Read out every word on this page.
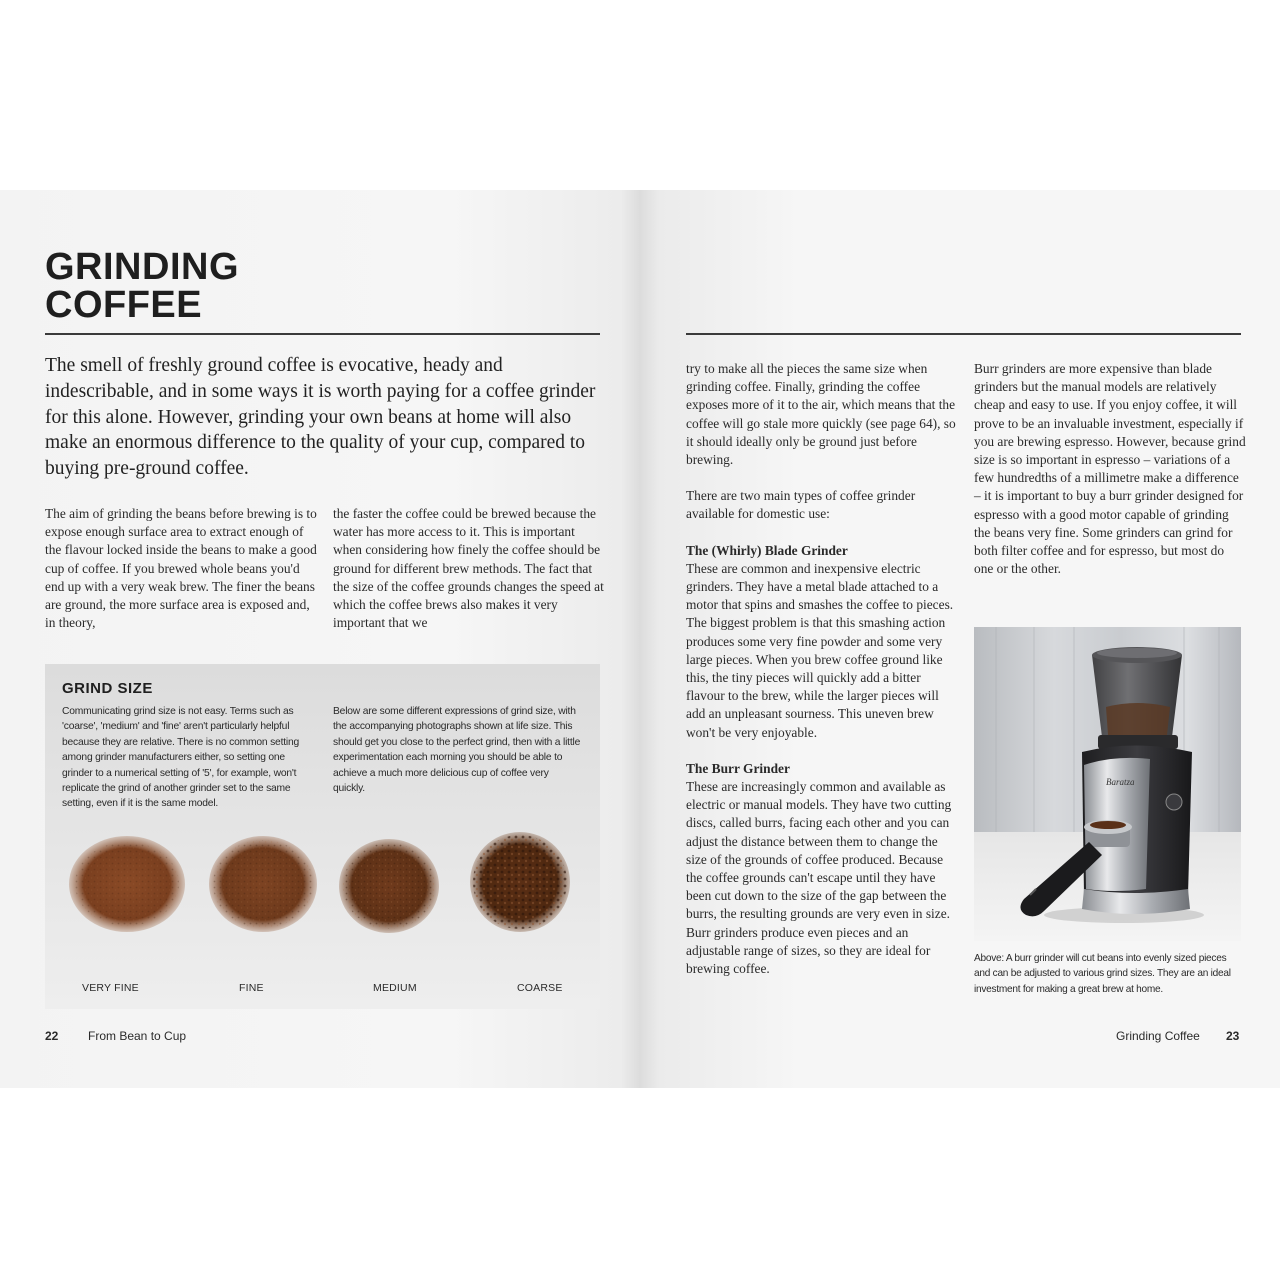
GRINDING
COFFEE

The smell of freshly ground coffee is evocative, heady and indescribable, and in some ways it is worth paying for a coffee grinder for this alone. However, grinding your own beans at home will also make an enormous difference to the quality of your cup, compared to buying pre-ground coffee.

The aim of grinding the beans before brewing is to expose enough surface area to extract enough of the flavour locked inside the beans to make a good cup of coffee. If you brewed whole beans you'd end up with a very weak brew. The finer the beans are ground, the more surface area is exposed and, in theory,

the faster the coffee could be brewed because the water has more access to it. This is important when considering how finely the coffee should be ground for different brew methods. The fact that the size of the coffee grounds changes the speed at which the coffee brews also makes it very important that we

GRIND SIZE

Communicating grind size is not easy. Terms such as 'coarse', 'medium' and 'fine' aren't particularly helpful because they are relative. There is no common setting among grinder manufacturers either, so setting one grinder to a numerical setting of '5', for example, won't replicate the grind of another grinder set to the same setting, even if it is the same model.

Below are some different expressions of grind size, with the accompanying photographs shown at life size. This should get you close to the perfect grind, then with a little experimentation each morning you should be able to achieve a much more delicious cup of coffee very quickly.

VERY FINE	FINE	MEDIUM	COARSE

22 From Bean to Cup

try to make all the pieces the same size when grinding coffee. Finally, grinding the coffee exposes more of it to the air, which means that the coffee will go stale more quickly (see page 64), so it should ideally only be ground just before brewing.

There are two main types of coffee grinder available for domestic use:

The (Whirly) Blade Grinder
These are common and inexpensive electric grinders. They have a metal blade attached to a motor that spins and smashes the coffee to pieces. The biggest problem is that this smashing action produces some very fine powder and some very large pieces. When you brew coffee ground like this, the tiny pieces will quickly add a bitter flavour to the brew, while the larger pieces will add an unpleasant sourness. This uneven brew won't be very enjoyable.

The Burr Grinder
These are increasingly common and available as electric or manual models. They have two cutting discs, called burrs, facing each other and you can adjust the distance between them to change the size of the grounds of coffee produced. Because the coffee grounds can't escape until they have been cut down to the size of the gap between the burrs, the resulting grounds are very even in size. Burr grinders produce even pieces and an adjustable range of sizes, so they are ideal for brewing coffee.

Burr grinders are more expensive than blade grinders but the manual models are relatively cheap and easy to use. If you enjoy coffee, it will prove to be an invaluable investment, especially if you are brewing espresso. However, because grind size is so important in espresso – variations of a few hundredths of a millimetre make a difference – it is important to buy a burr grinder designed for espresso with a good motor capable of grinding the beans very fine. Some grinders can grind for both filter coffee and for espresso, but most do one or the other.

Baratza

Above: A burr grinder will cut beans into evenly sized pieces and can be adjusted to various grind sizes. They are an ideal investment for making a great brew at home.

Grinding Coffee 23
